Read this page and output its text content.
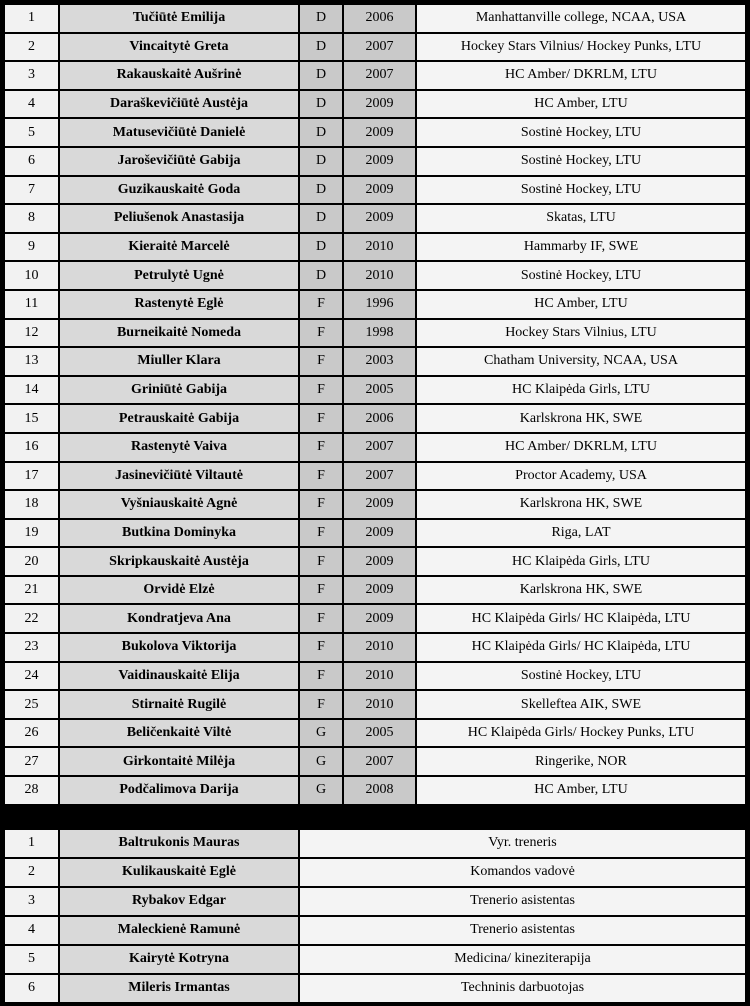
1	Tučiūtė Emilija	D	2006	Manhattanville college, NCAA, USA
2	Vincaitytė Greta	D	2007	Hockey Stars Vilnius/ Hockey Punks, LTU
3	Rakauskaitė Aušrinė	D	2007	HC Amber/ DKRLM, LTU
4	Daraškevičiūtė Austėja	D	2009	HC Amber, LTU
5	Matusevičiūtė Danielė	D	2009	Sostinė Hockey, LTU
6	Jaroševičiūtė Gabija	D	2009	Sostinė Hockey, LTU
7	Guzikauskaitė Goda	D	2009	Sostinė Hockey, LTU
8	Peliušenok Anastasija	D	2009	Skatas, LTU
9	Kieraitė Marcelė	D	2010	Hammarby IF, SWE
10	Petrulytė Ugnė	D	2010	Sostinė Hockey, LTU
11	Rastenytė Eglė	F	1996	HC Amber, LTU
12	Burneikaitė Nomeda	F	1998	Hockey Stars Vilnius, LTU
13	Miuller Klara	F	2003	Chatham University, NCAA, USA
14	Griniūtė Gabija	F	2005	HC Klaipėda Girls, LTU
15	Petrauskaitė Gabija	F	2006	Karlskrona HK, SWE
16	Rastenytė Vaiva	F	2007	HC Amber/ DKRLM, LTU
17	Jasinevičiūtė Viltautė	F	2007	Proctor Academy, USA
18	Vyšniauskaitė Agnė	F	2009	Karlskrona HK, SWE
19	Butkina Dominyka	F	2009	Riga, LAT
20	Skripkauskaitė Austėja	F	2009	HC Klaipėda Girls, LTU
21	Orvidė Elzė	F	2009	Karlskrona HK, SWE
22	Kondratjeva Ana	F	2009	HC Klaipėda Girls/ HC Klaipėda, LTU
23	Bukolova Viktorija	F	2010	HC Klaipėda Girls/ HC Klaipėda, LTU
24	Vaidinauskaitė Elija	F	2010	Sostinė Hockey, LTU
25	Stirnaitė Rugilė	F	2010	Skelleftea AIK, SWE
26	Beličenkaitė Viltė	G	2005	HC Klaipėda Girls/ Hockey Punks, LTU
27	Girkontaitė Milėja	G	2007	Ringerike, NOR
28	Podčalimova Darija	G	2008	HC Amber, LTU
1	Baltrukonis Mauras	Vyr. treneris
2	Kulikauskaitė Eglė	Komandos vadovė
3	Rybakov Edgar	Trenerio asistentas
4	Maleckienė Ramunė	Trenerio asistentas
5	Kairytė Kotryna	Medicina/ kineziterapija
6	Mileris Irmantas	Techninis darbuotojas
